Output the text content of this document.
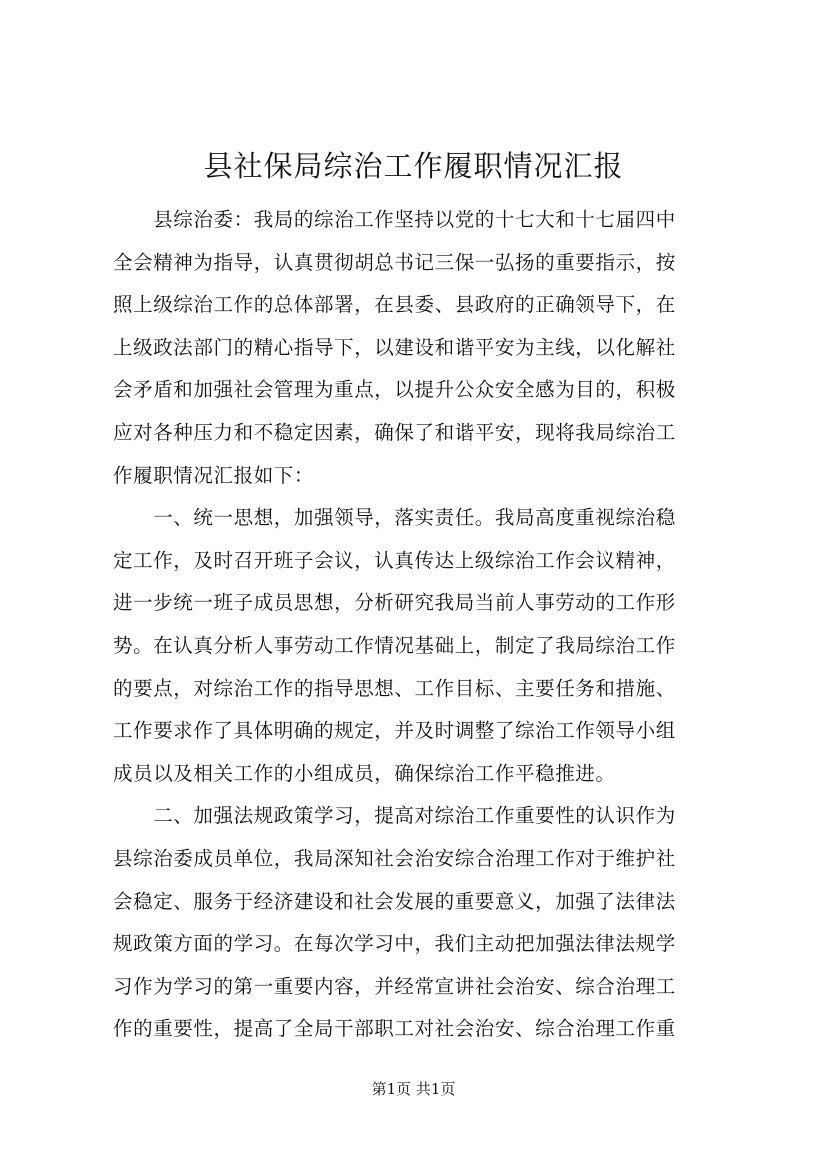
县社保局综治工作履职情况汇报
　　县综治委：我局的综治工作坚持以党的十七大和十七届四中
全会精神为指导，认真贯彻胡总书记三保一弘扬的重要指示，按
照上级综治工作的总体部署，在县委、县政府的正确领导下，在
上级政法部门的精心指导下，以建设和谐平安为主线，以化解社
会矛盾和加强社会管理为重点，以提升公众安全感为目的，积极
应对各种压力和不稳定因素，确保了和谐平安，现将我局综治工
作履职情况汇报如下：
　　一、统一思想，加强领导，落实责任。我局高度重视综治稳
定工作，及时召开班子会议，认真传达上级综治工作会议精神，
进一步统一班子成员思想，分析研究我局当前人事劳动的工作形
势。在认真分析人事劳动工作情况基础上，制定了我局综治工作
的要点，对综治工作的指导思想、工作目标、主要任务和措施、
工作要求作了具体明确的规定，并及时调整了综治工作领导小组
成员以及相关工作的小组成员，确保综治工作平稳推进。
　　二、加强法规政策学习，提高对综治工作重要性的认识作为
县综治委成员单位，我局深知社会治安综合治理工作对于维护社
会稳定、服务于经济建设和社会发展的重要意义，加强了法律法
规政策方面的学习。在每次学习中，我们主动把加强法律法规学
习作为学习的第一重要内容，并经常宣讲社会治安、综合治理工
作的重要性，提高了全局干部职工对社会治安、综合治理工作重
第1页 共1页
